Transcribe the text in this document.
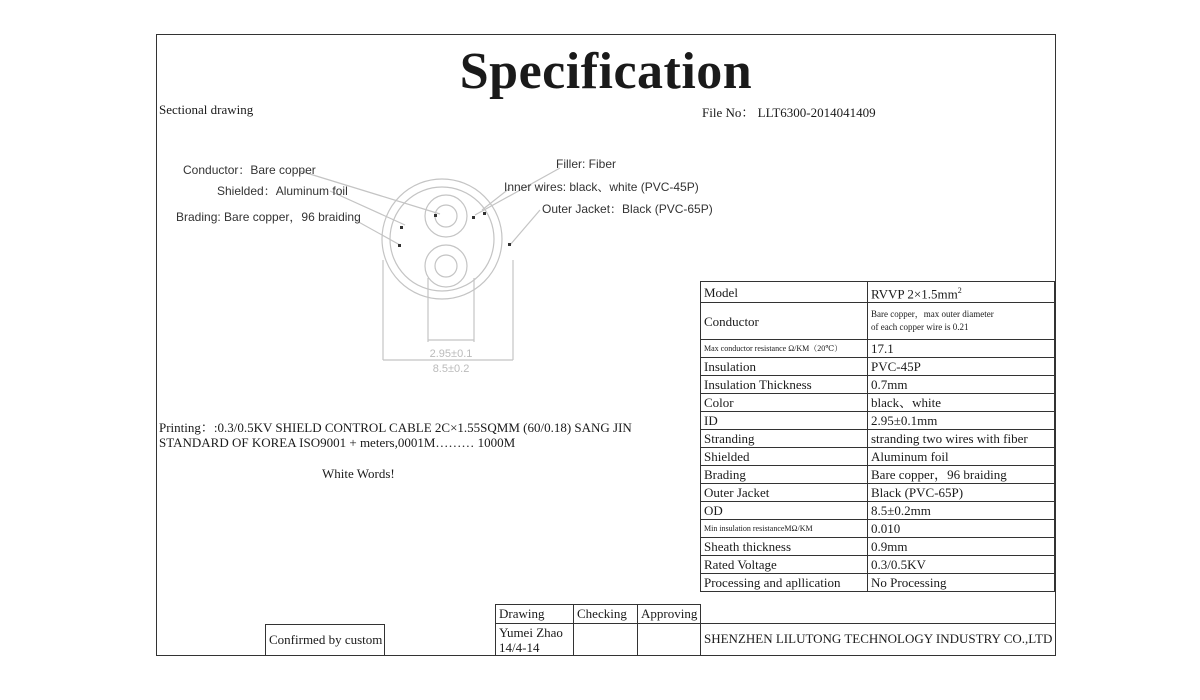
Specification
Sectional drawing	File No： LLT6300-2014041409
2.95±0.1
8.5±0.2
Conductor：Bare copper
Shielded：Aluminum foil
Brading: Bare copper，96 braiding
Filler: Fiber
Inner wires: black、white (PVC-45P)
Outer Jacket：Black (PVC-65P)
Printing：:0.3/0.5KV SHIELD CONTROL CABLE 2C×1.55SQMM (60/0.18) SANG JIN
STANDARD OF KOREA ISO9001 + meters,0001M……… 1000M
White Words!
Model	RVVP $2\times 1.5mm^2$
Conductor	Bare copper，max outer diameter
of each copper wire is 0.21

Max conductor resistance Ω/KM（20℃）	17.1
Insulation	PVC-45P
Insulation Thickness	0.7mm
Color	black、white
ID	2.95±0.1mm
Stranding	stranding two wires with fiber
Shielded	Aluminum foil
Brading	Bare copper，96 braiding
Outer Jacket	Black (PVC-65P)
OD	8.5±0.2mm
Min insulation resistanceMΩ/KM	0.010
Sheath thickness	0.9mm
Rated Voltage	0.3/0.5KV
Processing and apllication	No Processing
Confirmed by custom
Drawing	Checking	Approving
Yumei Zhao
14/4-14
SHENZHEN LILUTONG TECHNOLOGY INDUSTRY CO.,LTD
